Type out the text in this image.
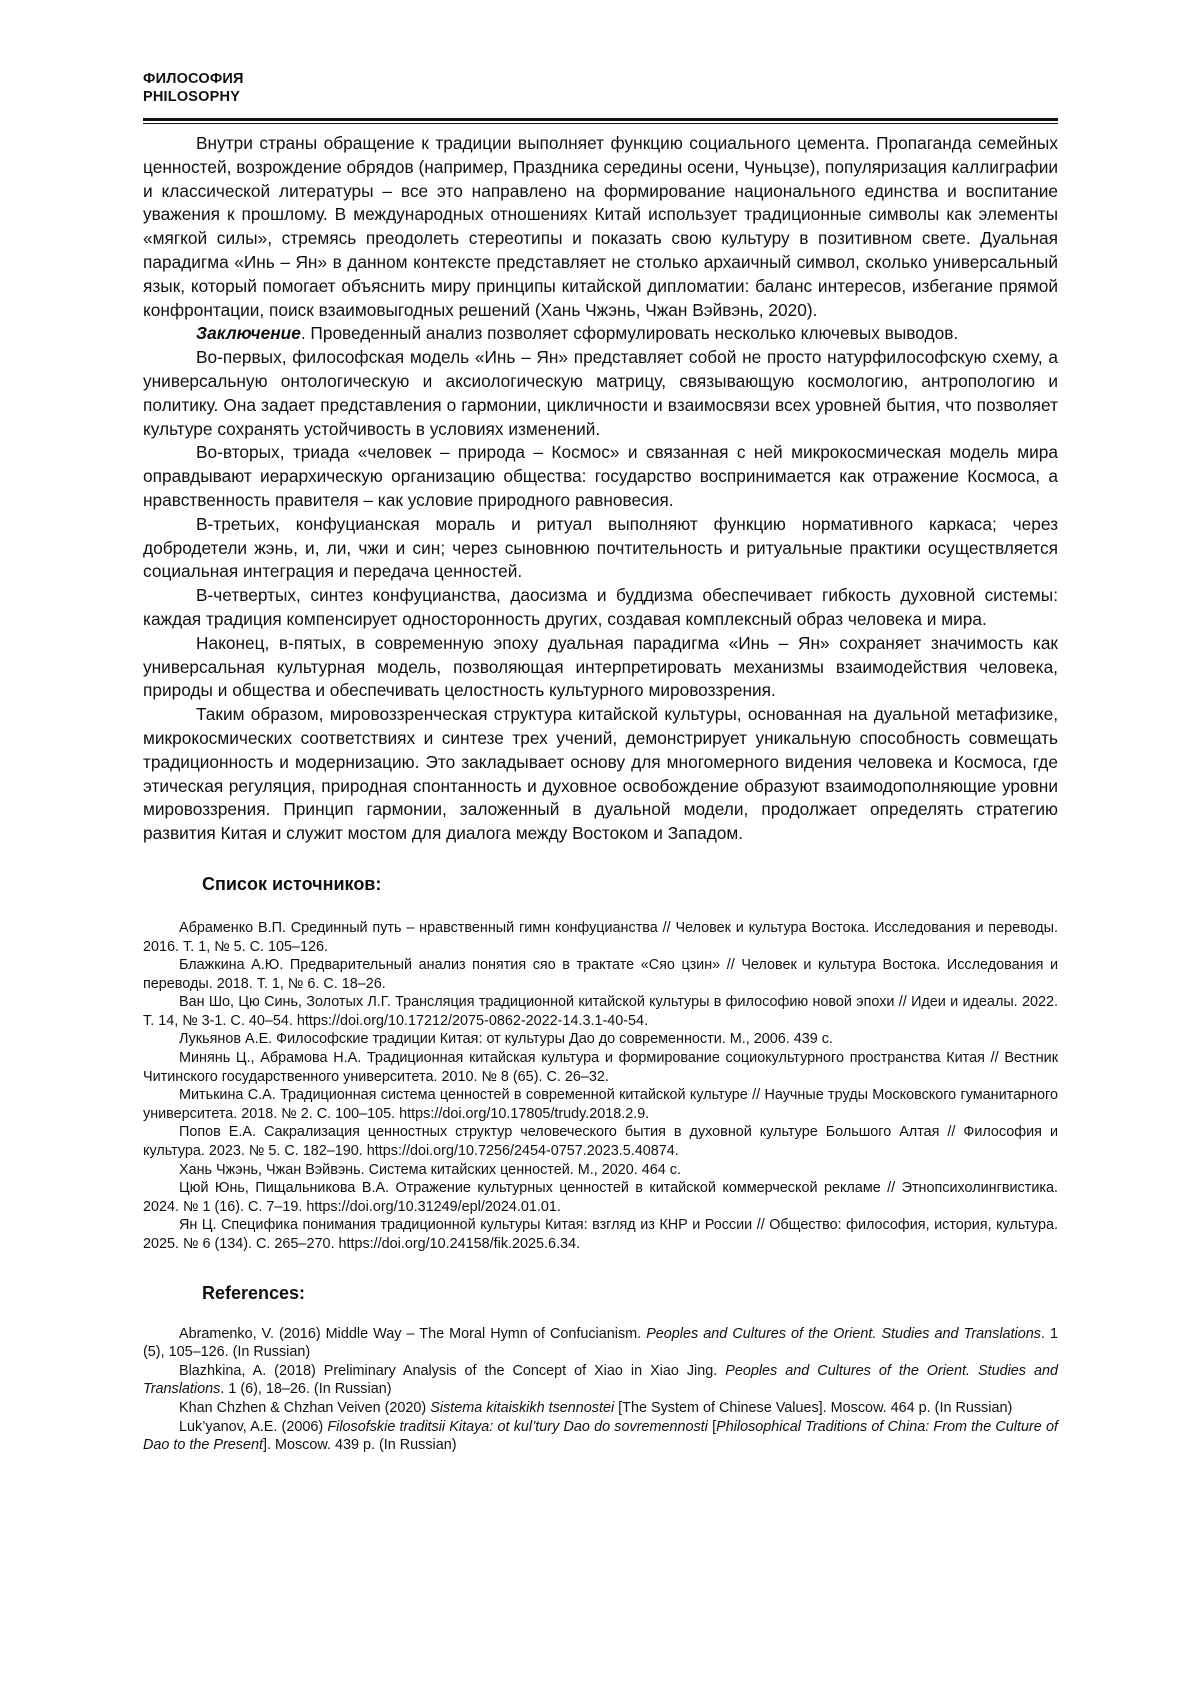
ФИЛОСОФИЯ
PHILOSOPHY

Внутри страны обращение к традиции выполняет функцию социального цемента. Пропаганда семейных ценностей, возрождение обрядов (например, Праздника середины осени, Чуньцзе), популяризация каллиграфии и классической литературы – все это направлено на формирование национального единства и воспитание уважения к прошлому. В международных отношениях Китай использует традиционные символы как элементы «мягкой силы», стремясь преодолеть стереотипы и показать свою культуру в позитивном свете. Дуальная парадигма «Инь – Ян» в данном контексте представляет не столько архаичный символ, сколько универсальный язык, который помогает объяснить миру принципы китайской дипломатии: баланс интересов, избегание прямой конфронтации, поиск взаимовыгодных решений (Хань Чжэнь, Чжан Вэйвэнь, 2020).

Заключение. Проведенный анализ позволяет сформулировать несколько ключевых выводов.

Во-первых, философская модель «Инь – Ян» представляет собой не просто натурфилософскую схему, а универсальную онтологическую и аксиологическую матрицу, связывающую космологию, антропологию и политику. Она задает представления о гармонии, цикличности и взаимосвязи всех уровней бытия, что позволяет культуре сохранять устойчивость в условиях изменений.

Во-вторых, триада «человек – природа – Космос» и связанная с ней микрокосмическая модель мира оправдывают иерархическую организацию общества: государство воспринимается как отражение Космоса, а нравственность правителя – как условие природного равновесия.

В-третьих, конфуцианская мораль и ритуал выполняют функцию нормативного каркаса; через добродетели жэнь, и, ли, чжи и син; через сыновнюю почтительность и ритуальные практики осуществляется социальная интеграция и передача ценностей.

В-четвертых, синтез конфуцианства, даосизма и буддизма обеспечивает гибкость духовной системы: каждая традиция компенсирует односторонность других, создавая комплексный образ человека и мира.

Наконец, в-пятых, в современную эпоху дуальная парадигма «Инь – Ян» сохраняет значимость как универсальная культурная модель, позволяющая интерпретировать механизмы взаимодействия человека, природы и общества и обеспечивать целостность культурного мировоззрения.

Таким образом, мировоззренческая структура китайской культуры, основанная на дуальной метафизике, микрокосмических соответствиях и синтезе трех учений, демонстрирует уникальную способность совмещать традиционность и модернизацию. Это закладывает основу для многомерного видения человека и Космоса, где этическая регуляция, природная спонтанность и духовное освобождение образуют взаимодополняющие уровни мировоззрения. Принцип гармонии, заложенный в дуальной модели, продолжает определять стратегию развития Китая и служит мостом для диалога между Востоком и Западом.

Список источников:

Абраменко В.П. Срединный путь – нравственный гимн конфуцианства // Человек и культура Востока. Исследования и переводы. 2016. Т. 1, № 5. С. 105–126.

Блажкина А.Ю. Предварительный анализ понятия сяо в трактате «Сяо цзин» // Человек и культура Востока. Исследования и переводы. 2018. Т. 1, № 6. С. 18–26.

Ван Шо, Цю Синь, Золотых Л.Г. Трансляция традиционной китайской культуры в философию новой эпохи // Идеи и идеалы. 2022. Т. 14, № 3-1. С. 40–54. https://doi.org/10.17212/2075-0862-2022-14.3.1-40-54.

Лукьянов А.Е. Философские традиции Китая: от культуры Дао до современности. М., 2006. 439 с.

Минянь Ц., Абрамова Н.А. Традиционная китайская культура и формирование социокультурного пространства Китая // Вестник Читинского государственного университета. 2010. № 8 (65). С. 26–32.

Митькина С.А. Традиционная система ценностей в современной китайской культуре // Научные труды Московского гуманитарного университета. 2018. № 2. С. 100–105. https://doi.org/10.17805/trudy.2018.2.9.

Попов Е.А. Сакрализация ценностных структур человеческого бытия в духовной культуре Большого Алтая // Философия и культура. 2023. № 5. С. 182–190. https://doi.org/10.7256/2454-0757.2023.5.40874.

Хань Чжэнь, Чжан Вэйвэнь. Система китайских ценностей. М., 2020. 464 с.

Цюй Юнь, Пищальникова В.А. Отражение культурных ценностей в китайской коммерческой рекламе // Этнопсихолингвистика. 2024. № 1 (16). С. 7–19. https://doi.org/10.31249/epl/2024.01.01.

Ян Ц. Специфика понимания традиционной культуры Китая: взгляд из КНР и России // Общество: философия, история, культура. 2025. № 6 (134). С. 265–270. https://doi.org/10.24158/fik.2025.6.34.

References:

Abramenko, V. (2016) Middle Way – The Moral Hymn of Confucianism. Peoples and Cultures of the Orient. Studies and Translations. 1 (5), 105–126. (In Russian)

Blazhkina, A. (2018) Preliminary Analysis of the Concept of Xiao in Xiao Jing. Peoples and Cultures of the Orient. Studies and Translations. 1 (6), 18–26. (In Russian)

Khan Chzhen & Chzhan Veiven (2020) Sistema kitaiskikh tsennostei [The System of Chinese Values]. Moscow. 464 p. (In Russian)

Luk’yanov, A.E. (2006) Filosofskie traditsii Kitaya: ot kul’tury Dao do sovremennosti [Philosophical Traditions of China: From the Culture of Dao to the Present]. Moscow. 439 p. (In Russian)
